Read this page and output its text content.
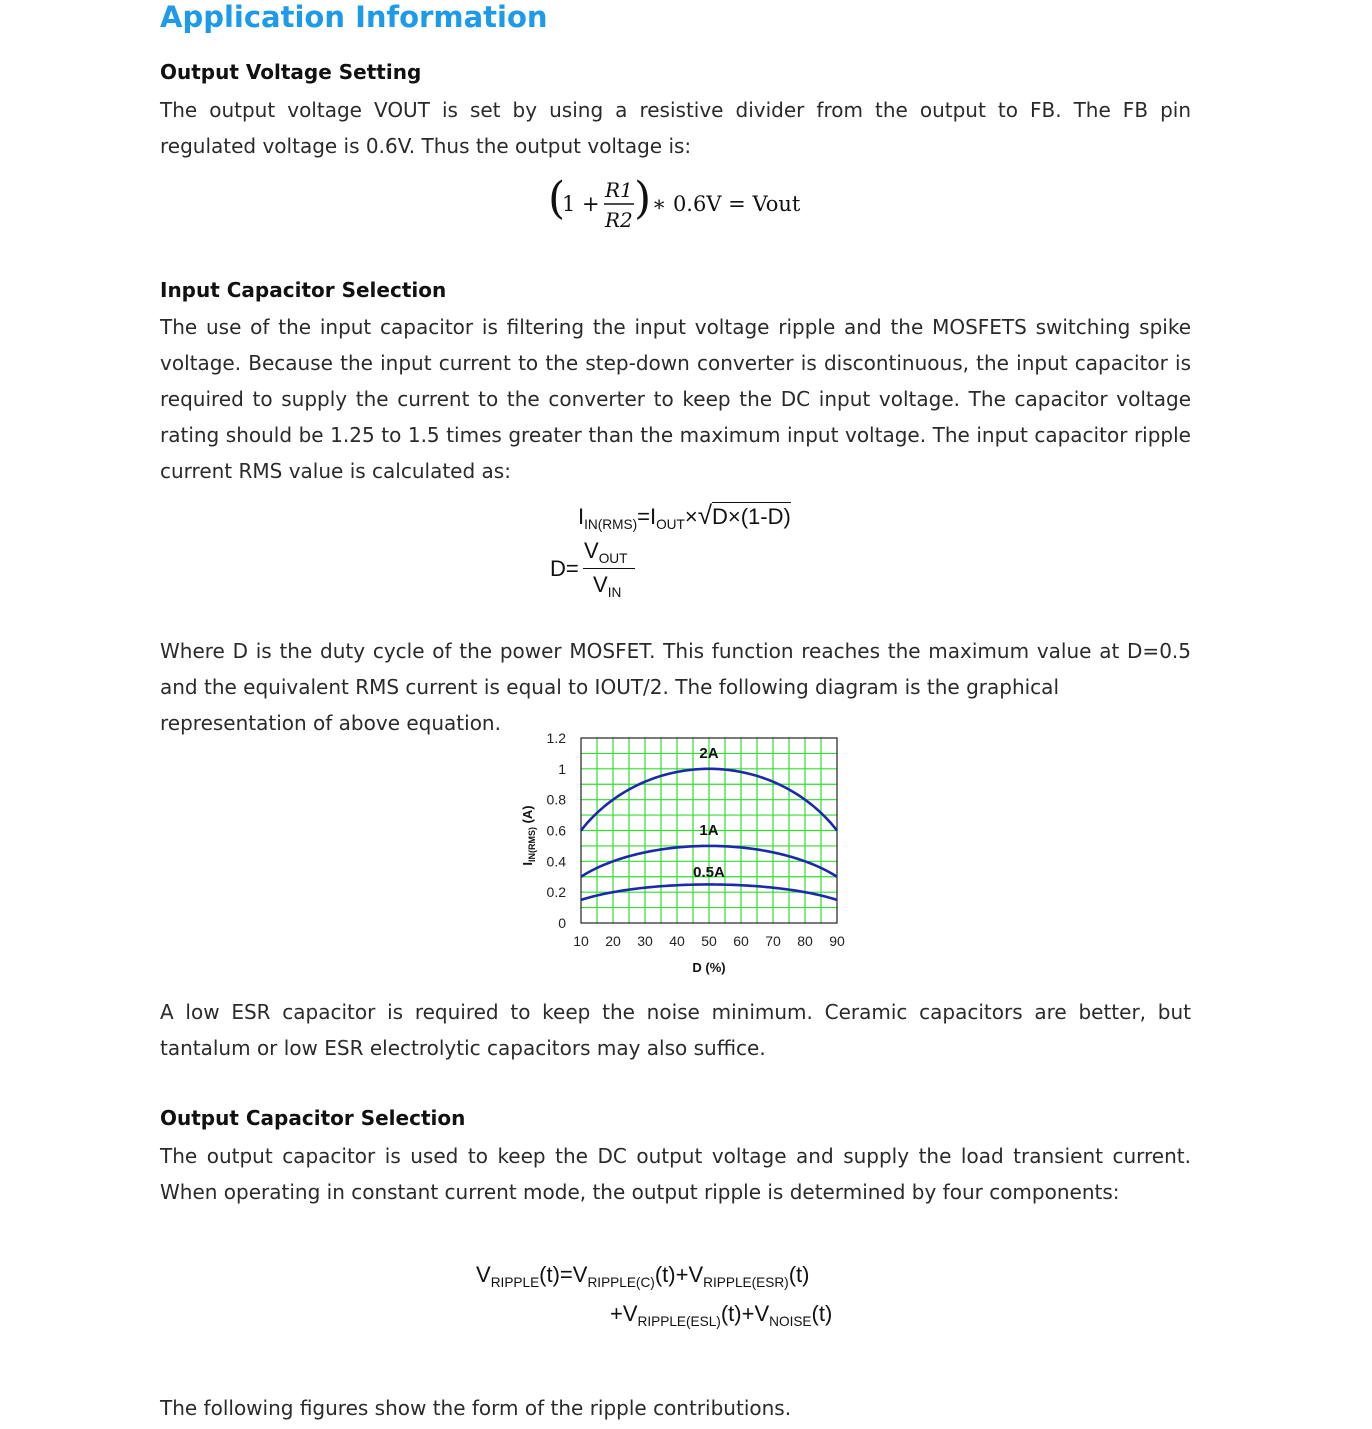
Application Information
Output Voltage Setting
The output voltage VOUT is set by using a resistive divider from the output to FB. The FB pin regulated voltage is 0.6V. Thus the output voltage is:
(
1 +
R1
R2 ) ∗ 0.6V = Vout
Input Capacitor Selection
The use of the input capacitor is filtering the input voltage ripple and the MOSFETS switching spike voltage. Because the input current to the step-down converter is discontinuous, the input capacitor is required to supply the current to the converter to keep the DC input voltage. The capacitor voltage rating should be 1.25 to 1.5 times greater than the maximum input voltage. The input capacitor ripple current RMS value is calculated as:
$I_{IN(RMS)}=I_{OUT}\times√D\times(1-D)$
D=
$V_{OUT}$
$V_{IN}$
Where D is the duty cycle of the power MOSFET. This function reaches the maximum value at D=0.5 and the equivalent RMS current is equal to IOUT/2. The following diagram is the graphical
representation of above equation.
10 20 30 40 50 60 70 80 90
0
0.2
0.4
0.6
0.8
1
1.2
D (%)
$I_{IN(RMS)}$ (A)
2A
1A
0.5A
A low ESR capacitor is required to keep the noise minimum. Ceramic capacitors are better, but tantalum or low ESR electrolytic capacitors may also suffice.
Output Capacitor Selection
The output capacitor is used to keep the DC output voltage and supply the load transient current. When operating in constant current mode, the output ripple is determined by four components:
$V_{RIPPLE}(t)=V_{RIPPLE(C)}(t)+V_{RIPPLE(ESR)}(t)$
$+V_{RIPPLE(ESL)}(t)+V_{NOISE}(t)$
The following figures show the form of the ripple contributions.
